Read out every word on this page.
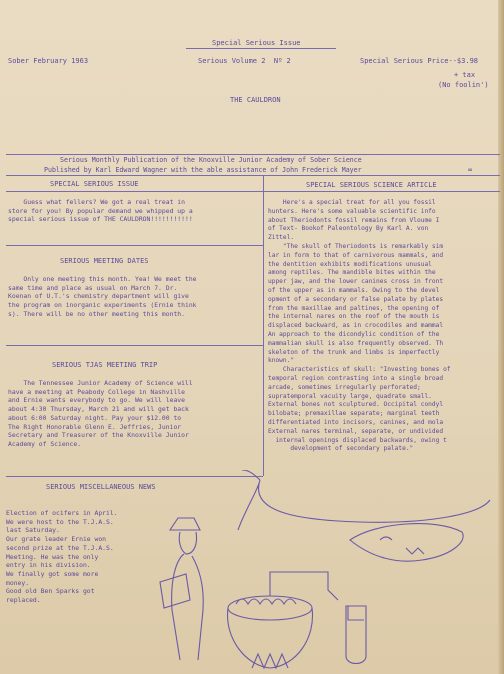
Special Serious Issue
Sober February 1963	Serious Volume 2  Nº 2	Special Serious Price--$3.98
+ tax
(No foolin')
THE CAULDRON
Serious Monthly Publication of the Knoxville Junior Academy of Sober Science
Published by Karl Edward Wagner with the able assistance of John Frederick Mayer	∞
SPECIAL SERIOUS ISSUE
Guess what fellers? We got a real treat in
store for you! By popular demand we whipped up a
special serious issue of THE CAULDRON!!!!!!!!!!!
SERIOUS MEETING DATES
Only one meeting this month. Yea! We meet the
same time and place as usual on March 7. Dr.
Koenan of U.T.'s chemistry department will give
the program on inorganic experiments (Ernie think
s). There will be no other meeting this month.
SERIOUS TJAS MEETING TRIP
The Tennessee Junior Academy of Science will
have a meeting at Peabody College in Nashville
and Ernie wants everybody to go. We will leave
about 4:30 Thursday, March 21 and will get back
about 6:00 Saturday night. Pay your $12.00 to
The Right Honorable Glenn E. Jeffries, Junior
Secretary and Treasurer of the Knoxville Junior
Academy of Science.
SERIOUS MISCELLANEOUS NEWS
Election of ocifers in April.
We were host to the T.J.A.S.
last Saturday.
Our grate leader Ernie won
second prize at the T.J.A.S.
Meeting. He was the only
entry in his division.
We finally got some more
money.
Good old Ben Sparks got
replaced.
SPECIAL SERIOUS SCIENCE ARTICLE
Here's a special treat for all you fossil
hunters. Here's some valuable scientific info
about Theriodonts fossil remains from Vloume I
of Text- Bookof Paleontology By Karl A. von
Zittel.
"The skull of Theriodonts is remarkably sim
lar in form to that of carnivorous mammals, and
the dentition exhibits modifications unusual
among reptiles. The mandible bites within the
upper jaw, and the lower canines cross in front
of the upper as in mammals. Owing to the devel
opment of a secondary or false palate by plates
from the maxillae and paltines, the opening of
the internal nares on the roof of the mouth is
displaced backward, as in crocodiles and mammal
An approach to the dicondylic condition of the
mammalian skull is also frequently observed. Th
skeleton of the trunk and limbs is imperfectly
known."
Characteristics of skull: "Investing bones of
temporal region contrasting into a single broad
arcade, sometimes irregularly perforated;
supratemporal vacuity large, quadrate small.
External bones not sculptured. Occipital condyl
bilobate; premaxillae separate; marginal teeth
differentiated into incisors, canines, and mola
External nares terminal, separate, or undivided
internal openings displaced backwards, owing t
development of secondary palate."
